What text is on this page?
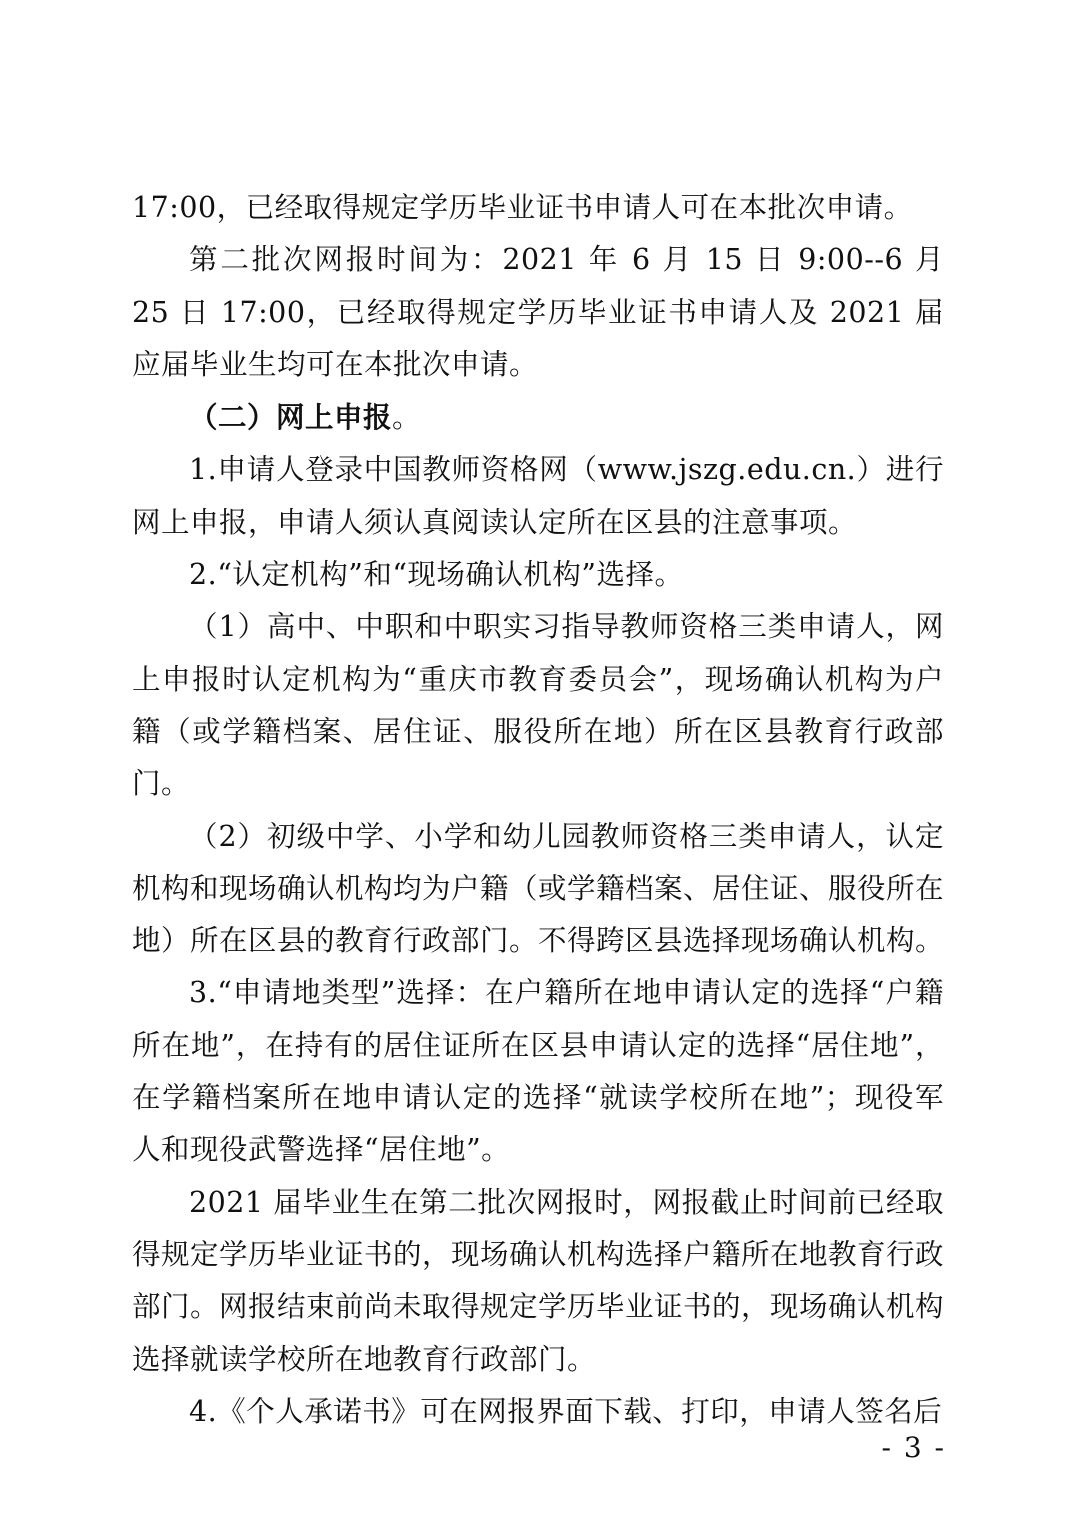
17:00，已经取得规定学历毕业证书申请人可在本批次申请。

第二批次网报时间为：2021 年 6 月 15 日 9:00--6 月 25 日 17:00，已经取得规定学历毕业证书申请人及 2021 届应届毕业生均可在本批次申请。

（二）网上申报。

1.申请人登录中国教师资格网（www.jszg.edu.cn.）进行网上申报，申请人须认真阅读认定所在区县的注意事项。

2.“认定机构”和“现场确认机构”选择。

（1）高中、中职和中职实习指导教师资格三类申请人，网上申报时认定机构为“重庆市教育委员会”，现场确认机构为户籍（或学籍档案、居住证、服役所在地）所在区县教育行政部门。

（2）初级中学、小学和幼儿园教师资格三类申请人，认定机构和现场确认机构均为户籍（或学籍档案、居住证、服役所在地）所在区县的教育行政部门。不得跨区县选择现场确认机构。

3.“申请地类型”选择：在户籍所在地申请认定的选择“户籍所在地”，在持有的居住证所在区县申请认定的选择“居住地”，在学籍档案所在地申请认定的选择“就读学校所在地”；现役军人和现役武警选择“居住地”。

2021 届毕业生在第二批次网报时，网报截止时间前已经取得规定学历毕业证书的，现场确认机构选择户籍所在地教育行政部门。网报结束前尚未取得规定学历毕业证书的，现场确认机构选择就读学校所在地教育行政部门。

4.《个人承诺书》可在网报界面下载、打印，申请人签名后

- 3 -
